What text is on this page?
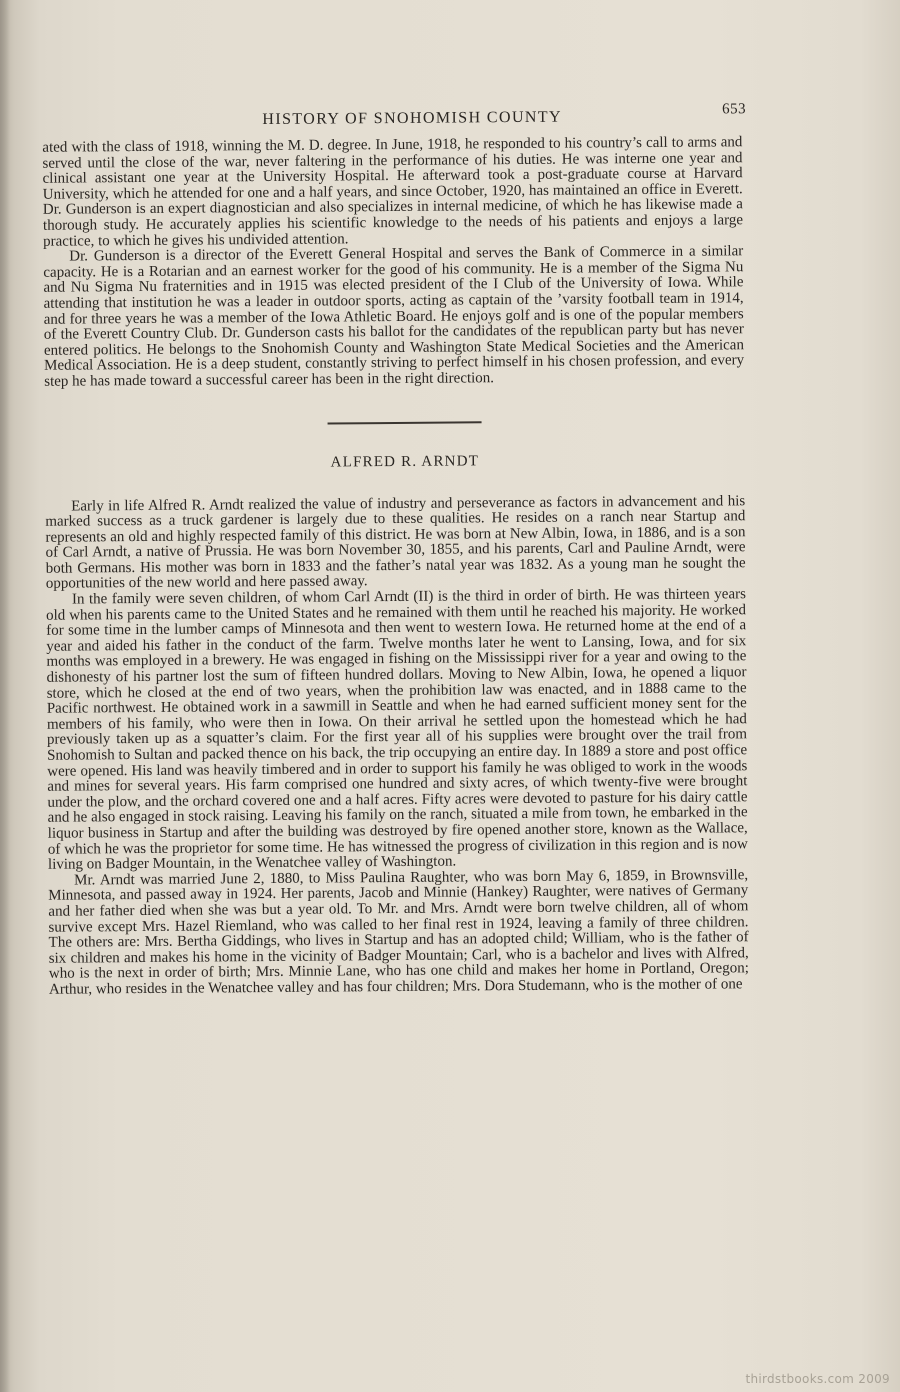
HISTORY OF SNOHOMISH COUNTY	653

ated with the class of 1918, winning the M. D. degree. In June, 1918, he responded to his country’s call to arms and served until the close of the war, never faltering in the performance of his duties. He was interne one year and clinical assistant one year at the University Hospital. He afterward took a post-graduate course at Harvard University, which he attended for one and a half years, and since October, 1920, has maintained an office in Everett. Dr. Gunderson is an expert diagnostician and also specializes in internal medicine, of which he has likewise made a thorough study. He accurately applies his scientific knowledge to the needs of his patients and enjoys a large practice, to which he gives his undivided attention.

Dr. Gunderson is a director of the Everett General Hospital and serves the Bank of Commerce in a similar capacity. He is a Rotarian and an earnest worker for the good of his community. He is a member of the Sigma Nu and Nu Sigma Nu fraternities and in 1915 was elected president of the I Club of the University of Iowa. While attending that institution he was a leader in outdoor sports, acting as captain of the ’varsity football team in 1914, and for three years he was a member of the Iowa Athletic Board. He enjoys golf and is one of the popular members of the Everett Country Club. Dr. Gunderson casts his ballot for the candidates of the republican party but has never entered politics. He belongs to the Snohomish County and Washington State Medical Societies and the American Medical Association. He is a deep student, constantly striving to perfect himself in his chosen profession, and every step he has made toward a successful career has been in the right direction.

ALFRED R. ARNDT

Early in life Alfred R. Arndt realized the value of industry and perseverance as factors in advancement and his marked success as a truck gardener is largely due to these qualities. He resides on a ranch near Startup and represents an old and highly respected family of this district. He was born at New Albin, Iowa, in 1886, and is a son of Carl Arndt, a native of Prussia. He was born November 30, 1855, and his parents, Carl and Pauline Arndt, were both Germans. His mother was born in 1833 and the father’s natal year was 1832. As a young man he sought the opportunities of the new world and here passed away.

In the family were seven children, of whom Carl Arndt (II) is the third in order of birth. He was thirteen years old when his parents came to the United States and he remained with them until he reached his majority. He worked for some time in the lumber camps of Minnesota and then went to western Iowa. He returned home at the end of a year and aided his father in the conduct of the farm. Twelve months later he went to Lansing, Iowa, and for six months was employed in a brewery. He was engaged in fishing on the Mississippi river for a year and owing to the dishonesty of his partner lost the sum of fifteen hundred dollars. Moving to New Albin, Iowa, he opened a liquor store, which he closed at the end of two years, when the prohibition law was enacted, and in 1888 came to the Pacific northwest. He obtained work in a sawmill in Seattle and when he had earned sufficient money sent for the members of his family, who were then in Iowa. On their arrival he settled upon the homestead which he had previously taken up as a squatter’s claim. For the first year all of his supplies were brought over the trail from Snohomish to Sultan and packed thence on his back, the trip occupying an entire day. In 1889 a store and post office were opened. His land was heavily timbered and in order to support his family he was obliged to work in the woods and mines for several years. His farm comprised one hundred and sixty acres, of which twenty-five were brought under the plow, and the orchard covered one and a half acres. Fifty acres were devoted to pasture for his dairy cattle and he also engaged in stock raising. Leaving his family on the ranch, situated a mile from town, he embarked in the liquor business in Startup and after the building was destroyed by fire opened another store, known as the Wallace, of which he was the proprietor for some time. He has witnessed the progress of civilization in this region and is now living on Badger Mountain, in the Wenatchee valley of Washington.

Mr. Arndt was married June 2, 1880, to Miss Paulina Raughter, who was born May 6, 1859, in Brownsville, Minnesota, and passed away in 1924. Her parents, Jacob and Minnie (Hankey) Raughter, were natives of Germany and her father died when she was but a year old. To Mr. and Mrs. Arndt were born twelve children, all of whom survive except Mrs. Hazel Riemland, who was called to her final rest in 1924, leaving a family of three children. The others are: Mrs. Bertha Giddings, who lives in Startup and has an adopted child; William, who is the father of six children and makes his home in the vicinity of Badger Mountain; Carl, who is a bachelor and lives with Alfred, who is the next in order of birth; Mrs. Minnie Lane, who has one child and makes her home in Portland, Oregon; Arthur, who resides in the Wenatchee valley and has four children; Mrs. Dora Studemann, who is the mother of one

thirdstbooks.com 2009
